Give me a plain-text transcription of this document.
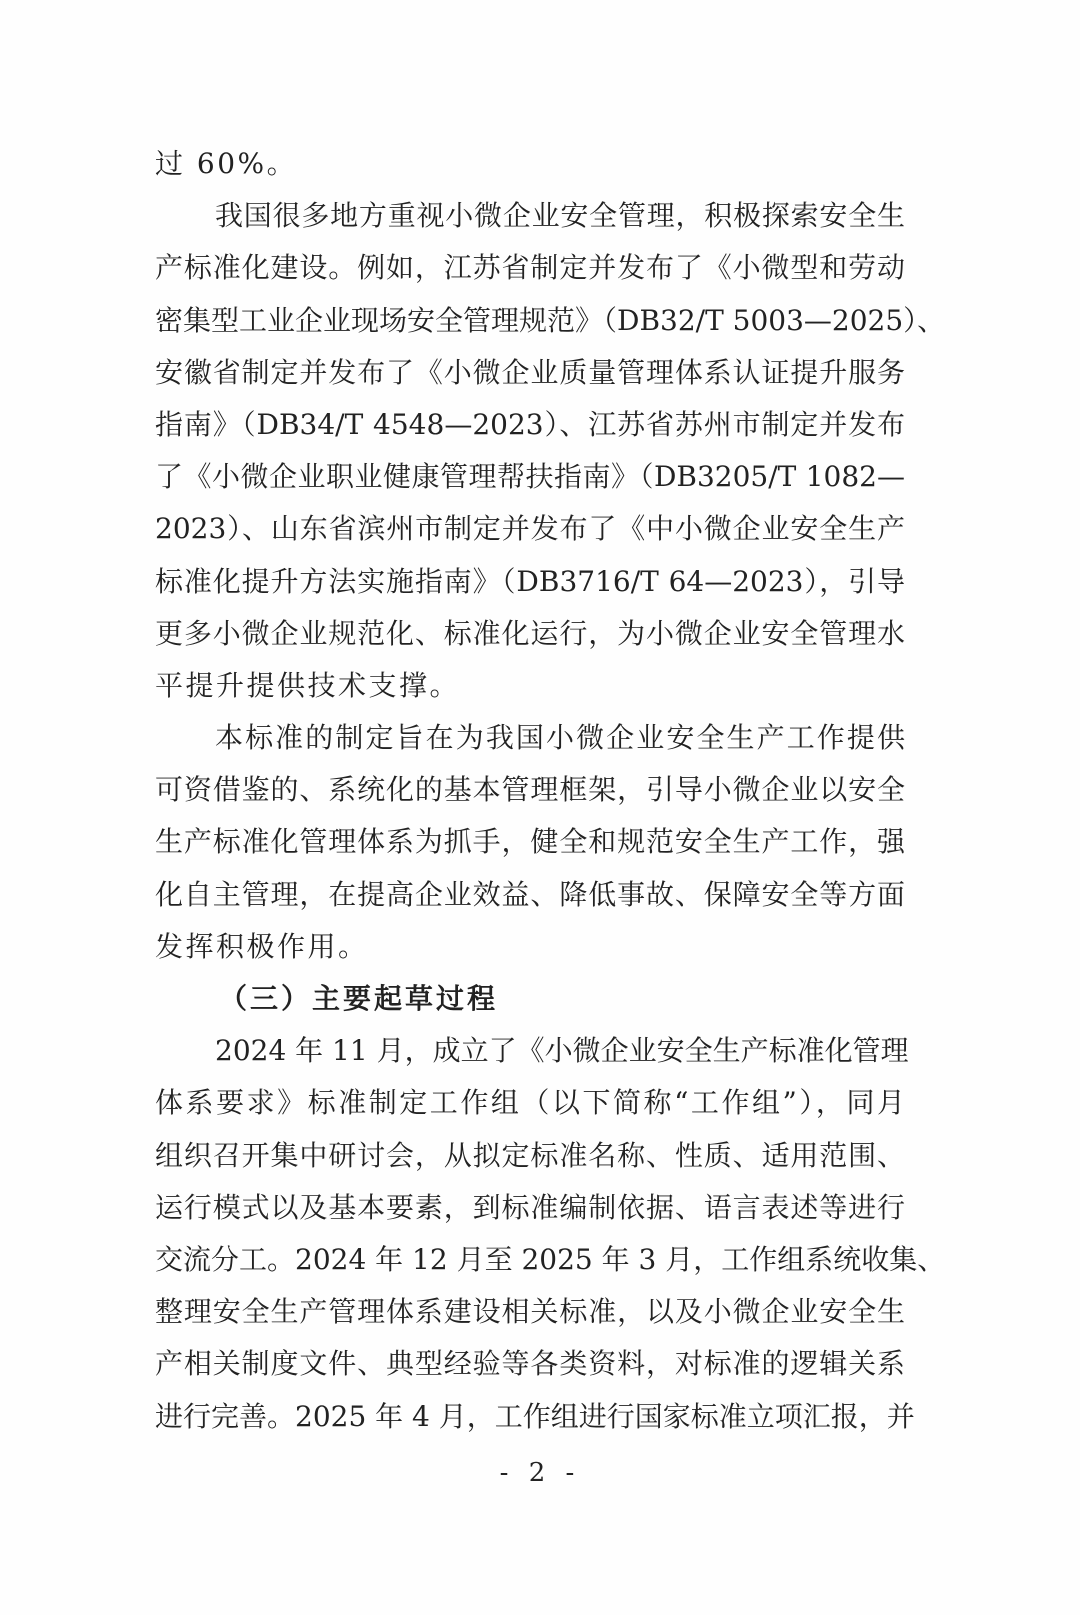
过 60%。
我国很多地方重视小微企业安全管理，积极探索安全生
产标准化建设。例如，江苏省制定并发布了《小微型和劳动
密集型工业企业现场安全管理规范》（DB32/T 5003—2025）、
安徽省制定并发布了《小微企业质量管理体系认证提升服务
指南》（DB34/T 4548—2023）、江苏省苏州市制定并发布
了《小微企业职业健康管理帮扶指南》（DB3205/T 1082—
2023）、山东省滨州市制定并发布了《中小微企业安全生产
标准化提升方法实施指南》（DB3716/T 64—2023），引导
更多小微企业规范化、标准化运行，为小微企业安全管理水
平提升提供技术支撑。
本标准的制定旨在为我国小微企业安全生产工作提供
可资借鉴的、系统化的基本管理框架，引导小微企业以安全
生产标准化管理体系为抓手，健全和规范安全生产工作，强
化自主管理，在提高企业效益、降低事故、保障安全等方面
发挥积极作用。
（三）主要起草过程
2024 年 11 月，成立了《小微企业安全生产标准化管理
体系要求》标准制定工作组（以下简称“工作组”），同月
组织召开集中研讨会，从拟定标准名称、性质、适用范围、
运行模式以及基本要素，到标准编制依据、语言表述等进行
交流分工。2024 年 12 月至 2025 年 3 月，工作组系统收集、
整理安全生产管理体系建设相关标准，以及小微企业安全生
产相关制度文件、典型经验等各类资料，对标准的逻辑关系
进行完善。2025 年 4 月，工作组进行国家标准立项汇报，并
- 2 -
